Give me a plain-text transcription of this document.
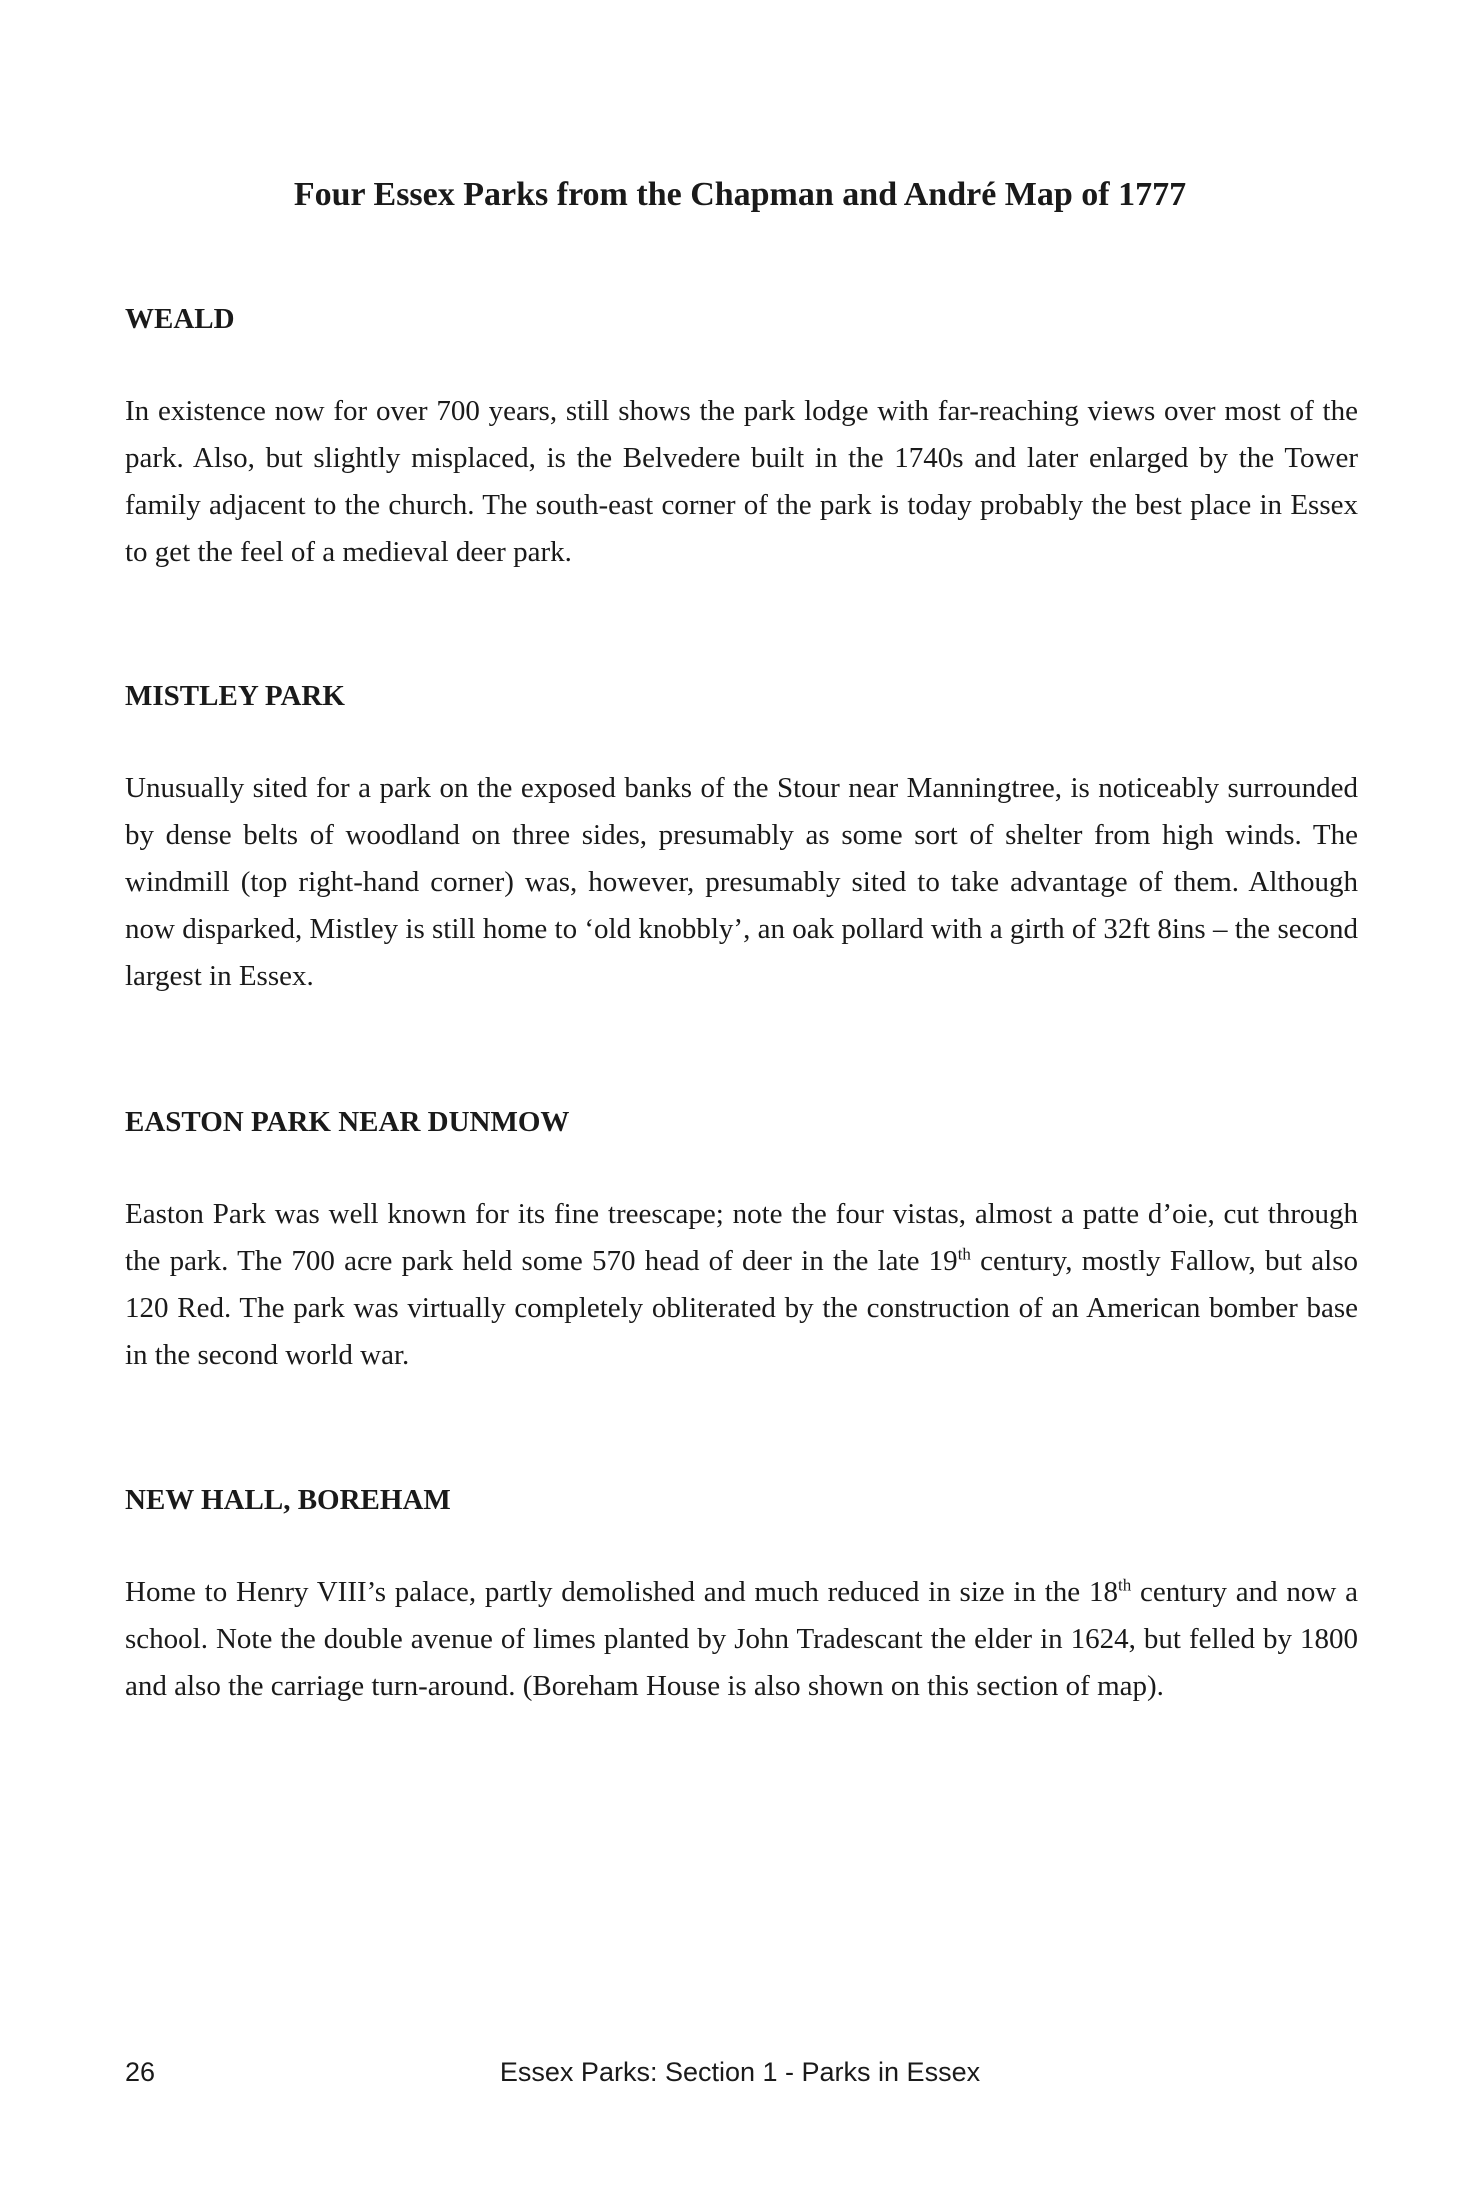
Four Essex Parks from the Chapman and André Map of 1777
WEALD

In existence now for over 700 years, still shows the park lodge with far-reaching views over most of the park. Also, but slightly misplaced, is the Belvedere built in the 1740s and later enlarged by the Tower family adjacent to the church. The south-east corner of the park is today probably the best place in Essex to get the feel of a medieval deer park.

MISTLEY PARK

Unusually sited for a park on the exposed banks of the Stour near Manningtree, is noticeably surrounded by dense belts of woodland on three sides, presumably as some sort of shelter from high winds. The windmill (top right-hand corner) was, however, presumably sited to take advantage of them. Although now disparked, Mistley is still home to ‘old knobbly’, an oak pollard with a girth of 32ft 8ins – the second largest in Essex.

EASTON PARK NEAR DUNMOW

Easton Park was well known for its fine treescape; note the four vistas, almost a patte d’oie, cut through the park. The 700 acre park held some 570 head of deer in the late 19th century, mostly Fallow, but also 120 Red. The park was virtually completely obliterated by the construction of an American bomber base in the second world war.

NEW HALL, BOREHAM

Home to Henry VIII’s palace, partly demolished and much reduced in size in the 18th century and now a school. Note the double avenue of limes planted by John Tradescant the elder in 1624, but felled by 1800 and also the carriage turn-around. (Boreham House is also shown on this section of map).

Essex Parks: Section 1 - Parks in Essex
26
